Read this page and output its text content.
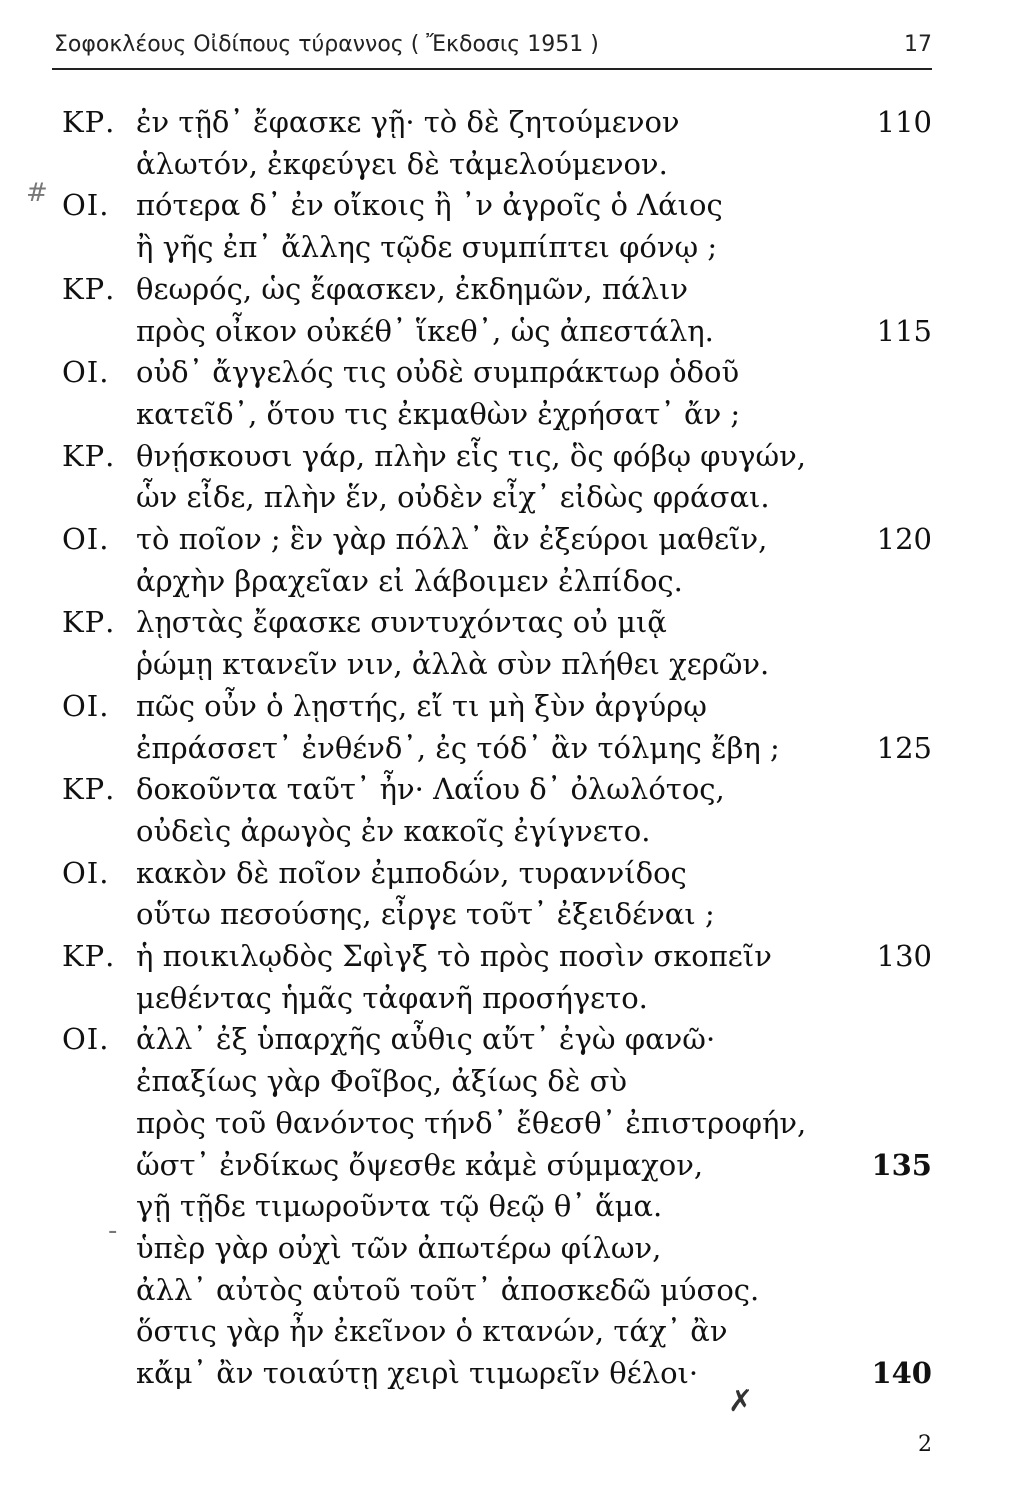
Σοφοκλέους Οἰδίπους τύραννος ( Ἔκδοσις 1951 )	17
ΚΡ. ἐν τῇδ᾽ ἔφασκε γῇ· τὸ δὲ ζητούμενον	110
ἁλωτόν, ἐκφεύγει δὲ τἀμελούμενον.
ΟΙ. πότερα δ᾽ ἐν οἴκοις ἢ ᾽ν ἀγροῖς ὁ Λάιος
ἢ γῆς ἐπ᾽ ἄλλης τῷδε συμπίπτει φόνῳ ;
ΚΡ. θεωρός, ὡς ἔφασκεν, ἐκδημῶν, πάλιν
πρὸς οἶκον οὐκέθ᾽ ἵκεθ᾽, ὡς ἀπεστάλη.	115
ΟΙ. οὐδ᾽ ἄγγελός τις οὐδὲ συμπράκτωρ ὁδοῦ
κατεῖδ᾽, ὅτου τις ἐκμαθὼν ἐχρήσατ᾽ ἄν ;
ΚΡ. θνῄσκουσι γάρ, πλὴν εἷς τις, ὃς φόβῳ φυγών,
ὧν εἶδε, πλὴν ἕν, οὐδὲν εἶχ᾽ εἰδὼς φράσαι.
ΟΙ. τὸ ποῖον ; ἓν γὰρ πόλλ᾽ ἂν ἐξεύροι μαθεῖν,	120
ἀρχὴν βραχεῖαν εἰ λάβοιμεν ἐλπίδος.
ΚΡ. λῃστὰς ἔφασκε συντυχόντας οὐ μιᾷ
ῥώμῃ κτανεῖν νιν, ἀλλὰ σὺν πλήθει χερῶν.
ΟΙ. πῶς οὖν ὁ λῃστής, εἴ τι μὴ ξὺν ἀργύρῳ
ἐπράσσετ᾽ ἐνθένδ᾽, ἐς τόδ᾽ ἂν τόλμης ἔβη ;	125
ΚΡ. δοκοῦντα ταῦτ᾽ ἦν· Λαΐου δ᾽ ὀλωλότος,
οὐδεὶς ἀρωγὸς ἐν κακοῖς ἐγίγνετο.
ΟΙ. κακὸν δὲ ποῖον ἐμποδών, τυραννίδος
οὕτω πεσούσης, εἶργε τοῦτ᾽ ἐξειδέναι ;
ΚΡ. ἡ ποικιλῳδὸς Σφὶγξ τὸ πρὸς ποσὶν σκοπεῖν	130
μεθέντας ἡμᾶς τἀφανῆ προσήγετο.
ΟΙ. ἀλλ᾽ ἐξ ὑπαρχῆς αὖθις αὔτ᾽ ἐγὼ φανῶ·
ἐπαξίως γὰρ Φοῖβος, ἀξίως δὲ σὺ
πρὸς τοῦ θανόντος τήνδ᾽ ἔθεσθ᾽ ἐπιστροφήν,
ὥστ᾽ ἐνδίκως ὄψεσθε κἀμὲ σύμμαχον,	135
γῇ τῇδε τιμωροῦντα τῷ θεῷ θ᾽ ἅμα.
ὑπὲρ γὰρ οὐχὶ τῶν ἀπωτέρω φίλων,
ἀλλ᾽ αὐτὸς αὑτοῦ τοῦτ᾽ ἀποσκεδῶ μύσος.
ὅστις γὰρ ἦν ἐκεῖνον ὁ κτανών, τάχ᾽ ἂν
κἄμ᾽ ἂν τοιαύτῃ χειρὶ τιμωρεῖν θέλοι·	140
#
-
✗
2
